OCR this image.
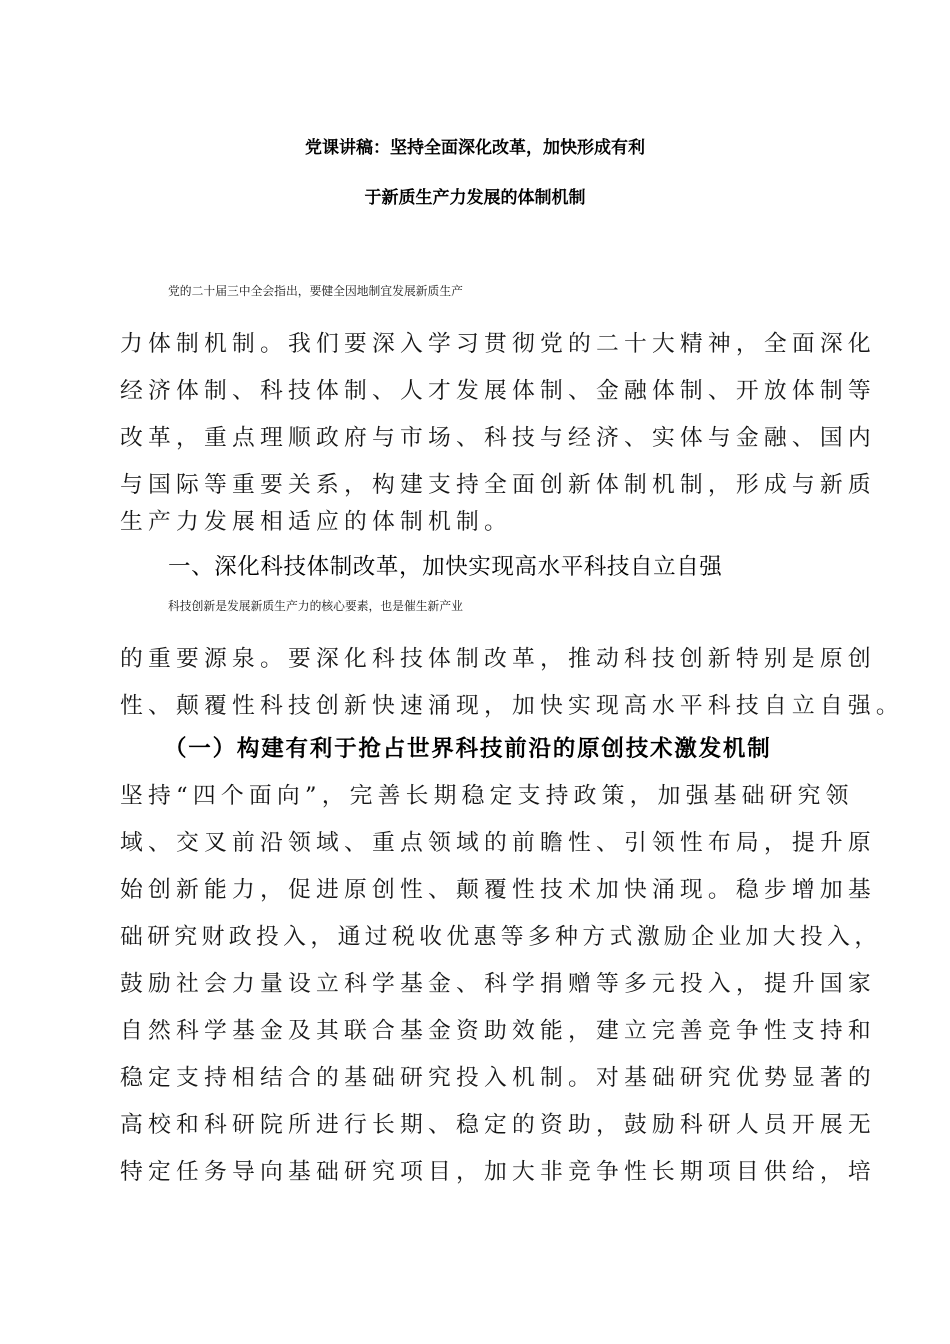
党课讲稿：坚持全面深化改革，加快形成有利
于新质生产力发展的体制机制
党的二十届三中全会指出，要健全因地制宜发展新质生产
力体制机制。我们要深入学习贯彻党的二十大精神，全面深化
经济体制、科技体制、人才发展体制、金融体制、开放体制等
改革，重点理顺政府与市场、科技与经济、实体与金融、国内
与国际等重要关系，构建支持全面创新体制机制，形成与新质
生产力发展相适应的体制机制。
一、深化科技体制改革，加快实现高水平科技自立自强
科技创新是发展新质生产力的核心要素，也是催生新产业
的重要源泉。要深化科技体制改革，推动科技创新特别是原创
性、颠覆性科技创新快速涌现，加快实现高水平科技自立自强。
（一）构建有利于抢占世界科技前沿的原创技术激发机制
坚持“四个面向”，完善长期稳定支持政策，加强基础研究领
域、交叉前沿领域、重点领域的前瞻性、引领性布局，提升原
始创新能力，促进原创性、颠覆性技术加快涌现。稳步增加基
础研究财政投入，通过税收优惠等多种方式激励企业加大投入，
鼓励社会力量设立科学基金、科学捐赠等多元投入，提升国家
自然科学基金及其联合基金资助效能，建立完善竞争性支持和
稳定支持相结合的基础研究投入机制。对基础研究优势显著的
高校和科研院所进行长期、稳定的资助，鼓励科研人员开展无
特定任务导向基础研究项目，加大非竞争性长期项目供给，培
